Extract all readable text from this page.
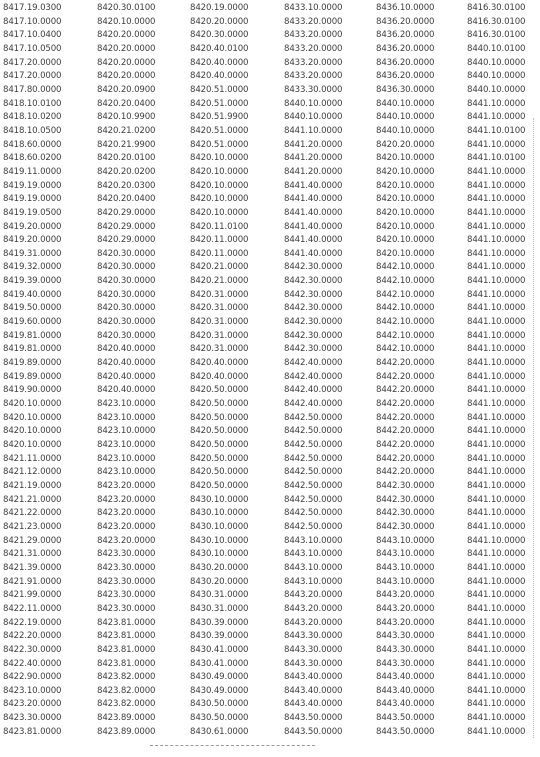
8417.19.0300	8420.30.0100	8420.19.0000	8433.10.0000	8436.10.0000	8416.30.0100
8417.10.0000	8420.10.0000	8420.20.0000	8433.20.0000	8436.20.0000	8416.30.0100
8417.10.0400	8420.20.0000	8420.30.0000	8433.20.0000	8436.20.0000	8416.30.0100
8417.10.0500	8420.20.0000	8420.40.0100	8433.20.0000	8436.20.0000	8440.10.0100
8417.20.0000	8420.20.0000	8420.40.0000	8433.20.0000	8436.20.0000	8440.10.0000
8417.20.0000	8420.20.0000	8420.40.0000	8433.20.0000	8436.20.0000	8440.10.0000
8417.80.0000	8420.20.0900	8420.51.0000	8433.30.0000	8436.30.0000	8440.10.0000
8418.10.0100	8420.20.0400	8420.51.0000	8440.10.0000	8440.10.0000	8441.10.0000
8418.10.0200	8420.10.9900	8420.51.9900	8440.10.0000	8440.10.0000	8441.10.0000
8418.10.0500	8420.21.0200	8420.51.0000	8441.10.0000	8440.10.0000	8441.10.0100
8418.60.0000	8420.21.9900	8420.51.0000	8441.20.0000	8420.20.0000	8441.10.0000
8418.60.0200	8420.20.0100	8420.10.0000	8441.20.0000	8420.10.0000	8441.10.0100
8419.11.0000	8420.20.0200	8420.10.0000	8441.20.0000	8420.10.0000	8441.10.0000
8419.19.0000	8420.20.0300	8420.10.0000	8441.40.0000	8420.10.0000	8441.10.0000
8419.19.0000	8420.20.0400	8420.10.0000	8441.40.0000	8420.10.0000	8441.10.0000
8419.19.0500	8420.29.0000	8420.10.0000	8441.40.0000	8420.10.0000	8441.10.0000
8419.20.0000	8420.29.0000	8420.11.0100	8441.40.0000	8420.10.0000	8441.10.0000
8419.20.0000	8420.29.0000	8420.11.0000	8441.40.0000	8420.10.0000	8441.10.0000
8419.31.0000	8420.30.0000	8420.11.0000	8441.40.0000	8420.10.0000	8441.10.0000
8419.32.0000	8420.30.0000	8420.21.0000	8442.30.0000	8442.10.0000	8441.10.0000
8419.39.0000	8420.30.0000	8420.21.0000	8442.30.0000	8442.10.0000	8441.10.0000
8419.40.0000	8420.30.0000	8420.31.0000	8442.30.0000	8442.10.0000	8441.10.0000
8419.50.0000	8420.30.0000	8420.31.0000	8442.30.0000	8442.10.0000	8441.10.0000
8419.60.0000	8420.30.0000	8420.31.0000	8442.30.0000	8442.10.0000	8441.10.0000
8419.81.0000	8420.30.0000	8420.31.0000	8442.30.0000	8442.10.0000	8441.10.0000
8419.81.0000	8420.40.0000	8420.31.0000	8442.30.0000	8442.10.0000	8441.10.0000
8419.89.0000	8420.40.0000	8420.40.0000	8442.40.0000	8442.20.0000	8441.10.0000
8419.89.0000	8420.40.0000	8420.40.0000	8442.40.0000	8442.20.0000	8441.10.0000
8419.90.0000	8420.40.0000	8420.50.0000	8442.40.0000	8442.20.0000	8441.10.0000
8420.10.0000	8423.10.0000	8420.50.0000	8442.40.0000	8442.20.0000	8441.10.0000
8420.10.0000	8423.10.0000	8420.50.0000	8442.50.0000	8442.20.0000	8441.10.0000
8420.10.0000	8423.10.0000	8420.50.0000	8442.50.0000	8442.20.0000	8441.10.0000
8420.10.0000	8423.10.0000	8420.50.0000	8442.50.0000	8442.20.0000	8441.10.0000
8421.11.0000	8423.10.0000	8420.50.0000	8442.50.0000	8442.20.0000	8441.10.0000
8421.12.0000	8423.10.0000	8420.50.0000	8442.50.0000	8442.20.0000	8441.10.0000
8421.19.0000	8423.20.0000	8420.50.0000	8442.50.0000	8442.30.0000	8441.10.0000
8421.21.0000	8423.20.0000	8430.10.0000	8442.50.0000	8442.30.0000	8441.10.0000
8421.22.0000	8423.20.0000	8430.10.0000	8442.50.0000	8442.30.0000	8441.10.0000
8421.23.0000	8423.20.0000	8430.10.0000	8442.50.0000	8442.30.0000	8441.10.0000
8421.29.0000	8423.20.0000	8430.10.0000	8443.10.0000	8443.10.0000	8441.10.0000
8421.31.0000	8423.30.0000	8430.10.0000	8443.10.0000	8443.10.0000	8441.10.0000
8421.39.0000	8423.30.0000	8430.20.0000	8443.10.0000	8443.10.0000	8441.10.0000
8421.91.0000	8423.30.0000	8430.20.0000	8443.10.0000	8443.10.0000	8441.10.0000
8421.99.0000	8423.30.0000	8430.31.0000	8443.20.0000	8443.20.0000	8441.10.0000
8422.11.0000	8423.30.0000	8430.31.0000	8443.20.0000	8443.20.0000	8441.10.0000
8422.19.0000	8423.81.0000	8430.39.0000	8443.20.0000	8443.20.0000	8441.10.0000
8422.20.0000	8423.81.0000	8430.39.0000	8443.30.0000	8443.30.0000	8441.10.0000
8422.30.0000	8423.81.0000	8430.41.0000	8443.30.0000	8443.30.0000	8441.10.0000
8422.40.0000	8423.81.0000	8430.41.0000	8443.30.0000	8443.30.0000	8441.10.0000
8422.90.0000	8423.82.0000	8430.49.0000	8443.40.0000	8443.40.0000	8441.10.0000
8423.10.0000	8423.82.0000	8430.49.0000	8443.40.0000	8443.40.0000	8441.10.0000
8423.20.0000	8423.82.0000	8430.50.0000	8443.40.0000	8443.40.0000	8441.10.0000
8423.30.0000	8423.89.0000	8430.50.0000	8443.50.0000	8443.50.0000	8441.10.0000
8423.81.0000	8423.89.0000	8430.61.0000	8443.50.0000	8443.50.0000	8441.10.0000
